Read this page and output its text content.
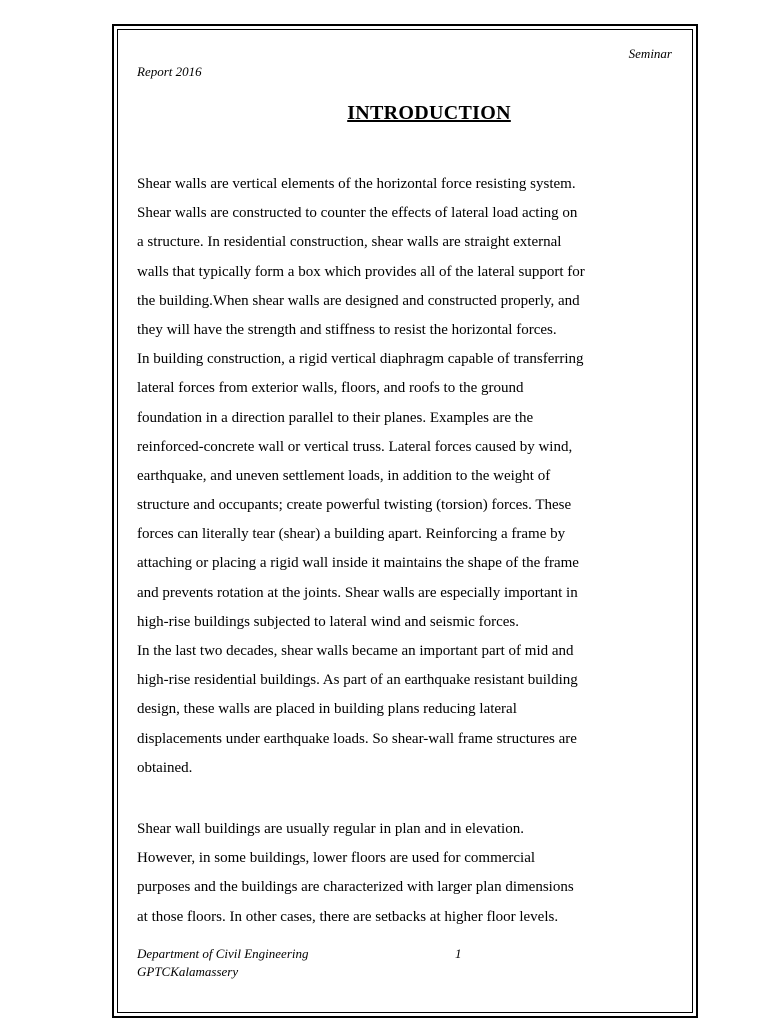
Seminar
Report 2016
INTRODUCTION
Shear walls are vertical elements of the horizontal force resisting system.
Shear walls are constructed to counter the effects of lateral load acting on
a structure. In residential construction, shear walls are straight external
walls that typically form a box which provides all of the lateral support for
the building.When shear walls are designed and constructed properly, and
they will have the strength and stiffness to resist the horizontal forces.
In building construction, a rigid vertical diaphragm capable of transferring
lateral forces from exterior walls, floors, and roofs to the ground
foundation in a direction parallel to their planes. Examples are the
reinforced-concrete wall or vertical truss. Lateral forces caused by wind,
earthquake, and uneven settlement loads, in addition to the weight of
structure and occupants; create powerful twisting (torsion) forces. These
forces can literally tear (shear) a building apart. Reinforcing a frame by
attaching or placing a rigid wall inside it maintains the shape of the frame
and prevents rotation at the joints. Shear walls are especially important in
high-rise buildings subjected to lateral wind and seismic forces.
In the last two decades, shear walls became an important part of mid and
high-rise residential buildings. As part of an earthquake resistant building
design, these walls are placed in building plans reducing lateral
displacements under earthquake loads. So shear-wall frame structures are
obtained.
Shear wall buildings are usually regular in plan and in elevation.
However, in some buildings, lower floors are used for commercial
purposes and the buildings are characterized with larger plan dimensions
at those floors. In other cases, there are setbacks at higher floor levels.
Department of Civil Engineering	1
GPTCKalamassery
